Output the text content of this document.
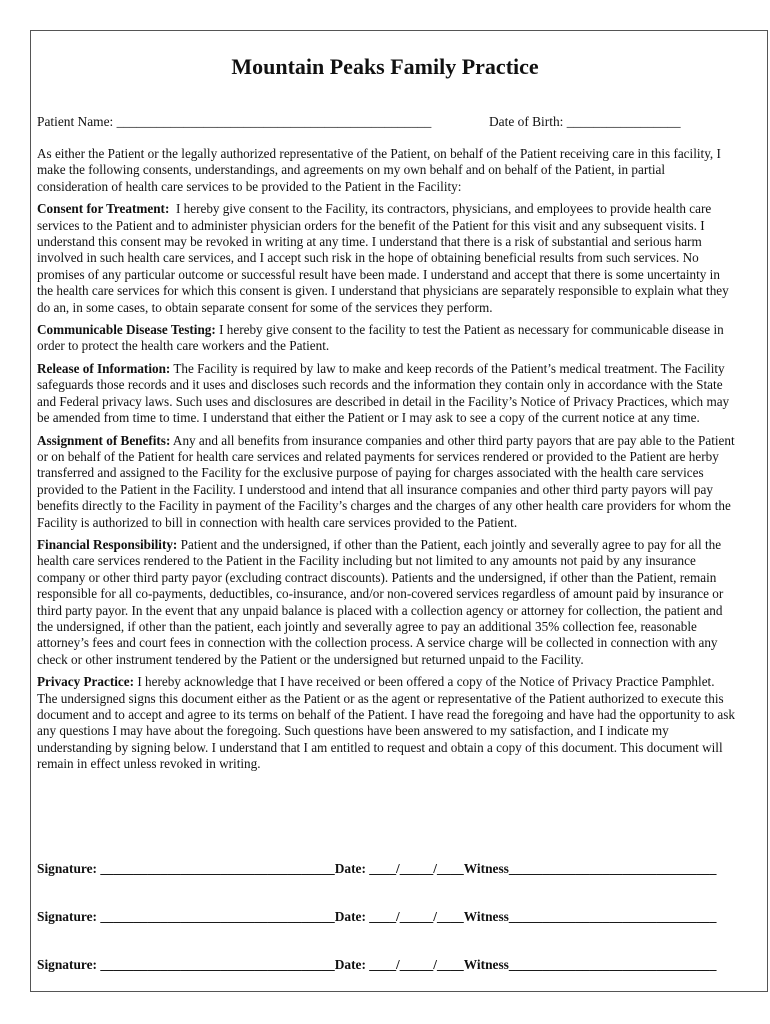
Mountain Peaks Family Practice
Patient Name: _______________________________________________	Date of Birth: _________________

As either the Patient or the legally authorized representative of the Patient, on behalf of the Patient receiving care in this facility, I make the following consents, understandings, and agreements on my own behalf and on behalf of the Patient, in partial consideration of health care services to be provided to the Patient in the Facility:

Consent for Treatment: I hereby give consent to the Facility, its contractors, physicians, and employees to provide health care services to the Patient and to administer physician orders for the benefit of the Patient for this visit and any subsequent visits. I understand this consent may be revoked in writing at any time. I understand that there is a risk of substantial and serious harm involved in such health care services, and I accept such risk in the hope of obtaining beneficial results from such services. No promises of any particular outcome or successful result have been made. I understand and accept that there is some uncertainty in the health care services for which this consent is given. I understand that physicians are separately responsible to explain what they do an, in some cases, to obtain separate consent for some of the services they perform.

Communicable Disease Testing: I hereby give consent to the facility to test the Patient as necessary for communicable disease in order to protect the health care workers and the Patient.

Release of Information: The Facility is required by law to make and keep records of the Patient’s medical treatment. The Facility safeguards those records and it uses and discloses such records and the information they contain only in accordance with the State and Federal privacy laws. Such uses and disclosures are described in detail in the Facility’s Notice of Privacy Practices, which may be amended from time to time. I understand that either the Patient or I may ask to see a copy of the current notice at any time.

Assignment of Benefits: Any and all benefits from insurance companies and other third party payors that are pay able to the Patient or on behalf of the Patient for health care services and related payments for services rendered or provided to the Patient are herby transferred and assigned to the Facility for the exclusive purpose of paying for charges associated with the health care services provided to the Patient in the Facility. I understood and intend that all insurance companies and other third party payors will pay benefits directly to the Facility in payment of the Facility’s charges and the charges of any other health care providers for whom the Facility is authorized to bill in connection with health care services provided to the Patient.

Financial Responsibility: Patient and the undersigned, if other than the Patient, each jointly and severally agree to pay for all the health care services rendered to the Patient in the Facility including but not limited to any amounts not paid by any insurance company or other third party payor (excluding contract discounts). Patients and the undersigned, if other than the Patient, remain responsible for all co-payments, deductibles, co-insurance, and/or non-covered services regardless of amount paid by insurance or third party payor. In the event that any unpaid balance is placed with a collection agency or attorney for collection, the patient and the undersigned, if other than the patient, each jointly and severally agree to pay an additional 35% collection fee, reasonable attorney’s fees and court fees in connection with the collection process. A service charge will be collected in connection with any check or other instrument tendered by the Patient or the undersigned but returned unpaid to the Facility.

Privacy Practice: I hereby acknowledge that I have received or been offered a copy of the Notice of Privacy Practice Pamphlet. The undersigned signs this document either as the Patient or as the agent or representative of the Patient authorized to execute this document and to accept and agree to its terms on behalf of the Patient. I have read the foregoing and have had the opportunity to ask any questions I may have about the foregoing. Such questions have been answered to my satisfaction, and I indicate my understanding by signing below. I understand that I am entitled to request and obtain a copy of this document. This document will remain in effect unless revoked in writing.

Signature: ___________________________________Date: ____/_____/____Witness_______________________________
Signature: ___________________________________Date: ____/_____/____Witness_______________________________
Signature: ___________________________________Date: ____/_____/____Witness_______________________________
